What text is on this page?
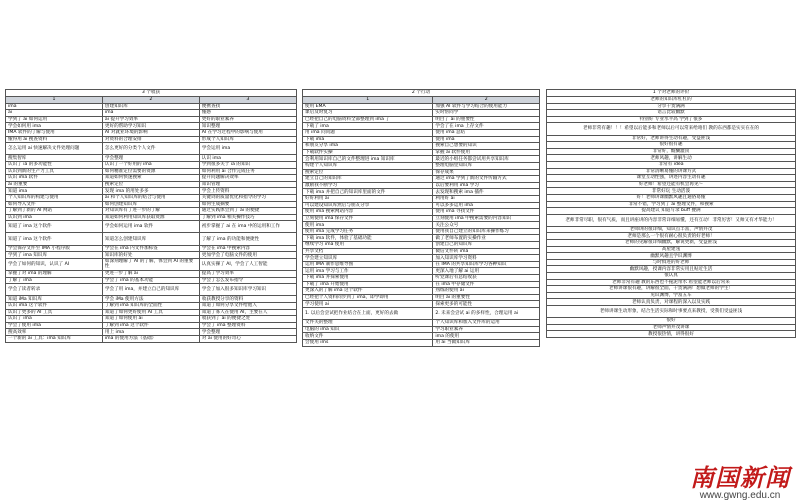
3 个收获		
1	2	3
ima	创建知识库	便携查找
ai	ima	懂感
学到了 ai 如何运用	ai 提升学习效率	更好的职业素养
学会如何用 ima	更好的帮助学习知识	知识整理
IMA 软件的了解与使用	AI 对就业环境的影响	AI 在学习过程中的影响与使用
懂得用 ai 搜查资料	对资料的合理安排	形成个人知识库
怎么运用 ai 快速解决文件处理问题	怎么更好的分类个人文件	学会运用 ima
搜集智库	学会整理	认识 ima
认识了 ia 的多功能性	认识了一个好用的 ima	学到很多关于 ia 的知识
认识到新的生产力工具	如何精准定位需要的资源	如何利用 ai 合作完成任务
认识 ima 软件	知道如何快速搜索	提升问题解决效率
ai 的重要	搜索定位	知识管理
知道 ima	发现 ima 的用处多多	学会上传资料
个人知识库的构建与使用	ai 和个人知识库的结合与使用	关键词的质量优化和指令的学习
如何导入文件	如何创建知识库	如何生成摘要
了解到了新的 AI 网站	对知识库有了进一步的了解	通过实践体会到了 ai 的便捷
认识到 ima	知道如何利用知识库获取资源	了解到 ima 相关操作技巧
知道了 ima 这个软件	学会如何运用 ima 软件	初步掌握了 ai 在 ima 中的运用和工作
知道了 ima 这个软件	知道怎么创建知识库	了解了 ima 的功能和便捷性
学会保存文件至 IMA 小程序版	学会在 ima 内文件加标签	学会在 ima 中搜索内容
学到了 ima 知识库	知识库的好处	更加学会了电脑文件的使用
学会了如何的知识，认识了 AI	如深刻理解了 AI 的了解，体会到 AI 的重要性	认真实操了 AI，学会了人工智能
掌握了对 ima 的理解	更进一步了解 ai	提高了学习效率
了解了 ima	学会了 ima 的基本功能	学会了怎么发布指令
学会了读者转录	学会了用 ima，并建立自己的知识库	学会了加入很多知识库学习知识
知道 iMa 知识库	学会 iMa 使用方法	收获教授分享的资料
认识 ima 这个软件	了解到 ima 知识库的全面性	知道了如何分享文件给他人
认识了更多的 AI 工具	知道了如何更好使用 AI 工具	知道了寡人在使用 AI，主要在人
认识了 ima	知道了如何使用 ai	收获到了 ai 的便捷之处
学会了使用 ima	了解到 ima 这个软件	学会了 ima 整理资料
搜高效率	用上 ima	学会整理
一个新的 ai 工具：ima 知识库	ima 的使用方法（基础）	对 ai 使用的好奇心
2 个行动	
1	2
使用 EMA	加强 AI 软件与学习结合的使用能力
课后及时复习	实时帮同学
已经把自己的电脑资料全部整理到 ima 了	明白了 ai 的重要性
下载了 ima	学会了在 ima 上存文件
用 ima 问问题	使用 ima 总结
下载 ima	使用 ima
和朋友分享 ima	搜索自己想要的知识
下载软件实操	掌握 ai 软件使用
会利用知识库自己的文件整理进 ima 知识库	最近的小组任务都尝试用共享知识库
构建个人知识库	整理电脑里知识库
搜索定位	保存成果
建立自己的知识库	通过 ima 学到了新的文件传输方式
激励我不断学习	以后要利用 ima 学习
下载 ima 并把自己的知识库里面的文件	去发现和搜索 ima 插件
好好利用 ai	利用好 ai
可以建设知识库然后与朋友分享	可以多多运用 ima
使用 ima 搜索网站内容	使用 ima 寻找文件
立刻使用 ima 保存文件	立刻使用 ima 中搜索需要的内容知识
使用 ima	关注公众号
使用 ima 完成学习任务	使用我自己建立的知识库来操作练习
下载 ima 软件，体验了基础功能	做了老师布置的实操作业
继续学习 ima 使用	创建自己的知识库
共享文档	微信文件转 ima
学会建立知识库	加入知识库学习资料
运用 IMA 制作思维导图	在 IMA 的共享知识库学习各种知识
运用 ima 学习与工作	更深入地了解 ai 运用
下载 ima 并探索使用	听党课后有总结收获
下载了 ima 开始使用	在 ima 中存储文件
更深入的了解 ima 这个软件	熟练的使用 ai
已经把个人资料同步到了 ima，即学即用	明白 ai 的重要性
学习使用 ai	探索更多的可能性
1. 以后会尝试把作业结合在上面，更好的去做	2. 未来会尝试 ai 的多样性，合理运用 ai
文件关的整理	个人知识库和加入文件库的运用
电脑的 ima 知识	学习职业素养
收纳文件	ima 的使用
会使用 ims	用 ai 当做知识库
1 个对老师的评价
老师的知识库杠杠的
分享干货满满
语言比较幽默
特别好 专业水平高 学到了很多
老师非常有趣！！！希望以后能多和老师以后可以常来给咱们 教的东西都是实实在在的
非常好，老师讲得生动有趣，受益匪浅
很好很有趣
非常好，醍醐灌顶
老师风趣，讲解生动
非常有 idea
非常清晰易懂的讲课方式
课堂互动性强，讲述内容生动有趣
好老师！希望还能有机会再见～
非常好玩 生动活泼
好！老师讲课幽默风趣且通俗易懂
非常不错，学习到了 ai 整理文件，和搜索
提高建议 知道写录 buff 叠满
老师非常尽职，很有气质，而且讲座讲的内容非常详细易懂，还有互动！非常厉害！又帅又有才华能力！
老师讲的很详细，知识点丰富，声情并茂
老师是那么一个很有耐心很负责的好老师！
老师的见解很详细幽默，解说更新，受益匪浅
高屋建瓴
幽默风趣且学识渊博
与时俱进的好老师
幽默风趣，授课内容非常实用且贴近生活
很认真
老师非常有趣 教的东西也不拖泥带水 希望能老师以后常来
老师讲课很有趣，讲解很全面，干货满满！想做老师的学生！
见识渊博，学富五车
老师认真负责，对课程的深入以及实践
老师讲课生动形象，结合生活实际和时事要点来教授，受我们受益匪浅
很好
老师声情并茂讲课
教授很热情，讲得很好
南国新闻
www.gwng.edu.cn
